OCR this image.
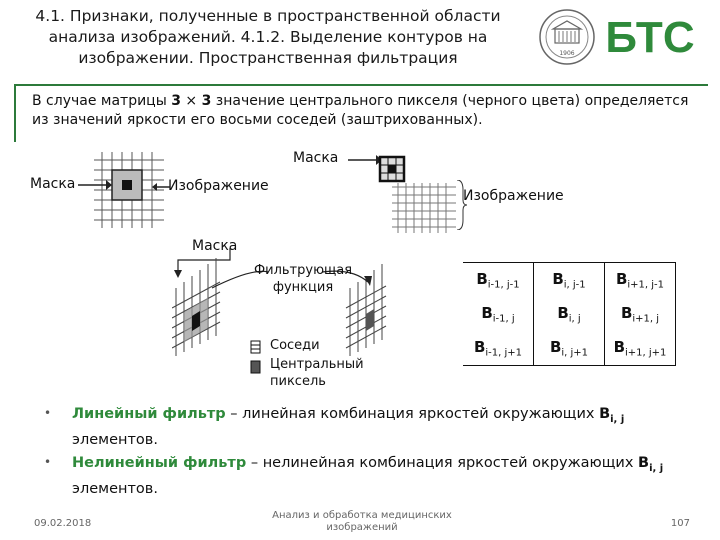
4.1. Признаки, полученные в пространственной области анализа изображений. 4.1.2. Выделение контуров на изображении. Пространственная фильтрация	1906 БТС
В случае матрицы 3 × 3 значение центрального пикселя (черного цвета) определяется из значений яркости его восьми соседей (заштрихованных).
Маска	Изображение
Маска
Изображение
Маска
Фильтрующая функция
Соседи
Центральный пиксель
$B_{i-1, j-1}$	$B_{i, j-1}$	$B_{i+1, j-1}$
$B_{i-1, j}$	$B_{i, j}$	$B_{i+1, j}$
$B_{i-1, j+1}$	$B_{i, j+1}$	$B_{i+1, j+1}$
• Линейный фильтр – линейная комбинация яркостей окружающих $B_{i, j}$ элементов.
• Нелинейный фильтр – нелинейная комбинация яркостей окружающих $B_{i, j}$ элементов.
09.02.2018
Анализ и обработка медицинских изображений	107
